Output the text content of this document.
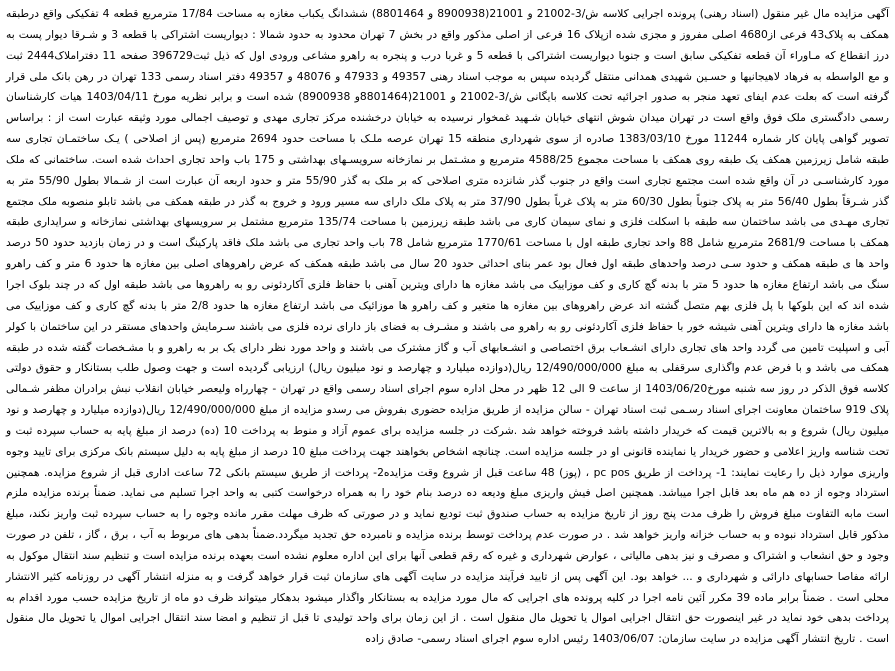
آگهی مزایده مال غیر منقول (اسناد رهنی) پرونده اجرایی کلاسه ش/3-21002 و 21001(8900938 و 8801464) ششدانگ یکباب مغازه به مساحت 17/84 مترمربع قطعه 4 تفکیکی واقع درطبقه همکف به پلاک43 فرعی از4680 اصلی مفروز و مجزی شده ازپلاک 16 فرعی از اصلی مذکور واقع در بخش 7 تهران محدود به حدود شمالا : دیواریست اشتراکی با قطعه 3 و شـرقا دیوار پست به درز انقطاع که مـاوراء آن قطعه تفکیکی سابق است و جنوبا دیواریست اشتراکی با قطعه 5 و غربا درب و پنجره به راهرو مشاعی ورودی اول که ذیل ثبت396729 صفحه 11 دفتراملاک2444 ثبت و مع الواسطه به فرهاد لاهیجانیها و حسـین شهیدی همدانی منتقل گردیده سپس به موجب اسناد رهنی 49357 و 47933 و 48076 و 49357 دفتر اسناد رسمی 133 تهران در رهن بانک ملی قرار گرفته است که بعلت عدم ایفای تعهد منجر به صدور اجرائیه تحت کلاسه بایگانی ش/3-21002 و 21001(8801464و 8900938) شده است و برابر نظریه مورخ 1403/04/11 هیات کارشناسان رسمی دادگستری ملک فوق واقع است در تهران میدان شوش انتهای خیابان شـهید غمخوار نرسیده به خیابان درخشنده مرکز تجاری مهدی و توصیف اجمالی مورد وثیقه عبارت است از : براساس تصویر گواهی پایان کار شماره 11244 مورخ 1383/03/10 صادره از سوی شهرداری منطقه 15 تهران عرصه ملـک با مساحت حدود 2694 مترمربع (پس از اصلاحی ) یـک ساختمـان تجاری سه طبقه شامل زیرزمین همکف یک طبقه روی همکف با مساحت مجموع 4588/25 مترمربع و مشـتمل بر نمازخانه سرویسـهای بهداشتی و 175 باب واحد تجاری احداث شده است. ساختمانی که ملک مورد کارشناسـی در آن واقع شده است مجتمع تجاری است واقع در جنوب گذر شانزده متری اصلاحی که بر ملک به گذر 55/90 متر و حدود اربعه آن عبارت است از شـمالا بطول 55/90 متر به گذر شـرقاً بطول 56/40 متر به پلاک جنوباً بطول 60/30 متر به پلاک غرباً بطول 37/90 متر به پلاک ملک دارای سه مسیر ورود و خروج به گذر در طبقه همکف می باشد تابلو منصوبه ملک مجتمع تجاری مهـدی می باشد ساختمان سه طبقه با اسکلت فلزی و نمای سیمان کاری می باشد طبقه زیرزمین با مساحت 135/74 مترمربع مشتمل بر سرویسهای بهداشتی نمازخانه و سرایداری طبقه همکف با مساحت 2681/9 مترمربع شامل 88 واحد تجاری طبقه اول با مساحت 1770/61 مترمربع شامل 78 باب واحد تجاری می باشد ملک فاقد پارکینگ است و در زمان بازدید حدود 50 درصد واحد ها ی طبقه همکف و حدود سـی درصد واحدهای طبقه اول فعال بود عمر بنای احداثی حدود 20 سال می باشد طبقه همکف که عرض راهروهای اصلی بین مغازه ها حدود 6 متر و کف راهرو سنگ می باشد ارتفاع مغازه ها حدود 5 متر با بدنه گچ کاری و کف موزاییک می باشد مغازه ها دارای ویترین آهنی با حفاظ فلزی آکاردئونی رو به راهروها می باشد طبقه اول که در چند بلوک اجرا شده اند که این بلوکها با پل فلزی بهم متصل گشته اند عرض راهروهای بین مغازه ها متغیر و کف راهرو ها موزائیک می باشد ارتفاع مغازه ها حدود 2/8 متر با بدنه گچ کاری و کف موزاییک می باشد مغازه ها دارای ویترین آهنی شیشه خور با حفاظ فلزی آکاردئونی رو به راهرو می باشند و مشـرف به فضای باز دارای نرده فلزی می باشند سـرمایش واحدهای مستقر در این ساختمان با کولر آبی و اسپلیت تامین می گردد واحد های تجاری دارای انشـعاب برق اختصاصی و انشـعابهای آب و گاز مشترک می باشند و واحد مورد نظر دارای یک بر به راهرو و با مشـخصات گفته شده در طبقه همکف می باشد و با فرض عدم واگذاری سرقفلی به مبلغ 12/490/000/000 ریال(دوازده میلیارد و چهارصد و نود میلیون ریال) ارزیابی گردیده است و جهت وصول طلب بستانکار و حقوق دولتی کلاسه فوق الذکر در روز سه شنبه مورخ1403/06/20 از ساعت 9 الی 12 ظهر در محل اداره سوم اجرای اسناد رسمی واقع در تهران - چهارراه ولیعصر خیابان انقلاب نبش برادران مظفر شـمالی پلاک 919 ساختمان معاونت اجرای اسناد رسـمی ثبت اسناد تهران - سالن مزایده از طریق مزایده حضوری بفروش می رسدو مزایده از مبلغ 12/490/000/000 ریال(دوازده میلیارد و چهارصد و نود میلیون ریال) شروع و به بالاترین قیمت که خریدار داشته باشد فروخته خواهد شد .شرکت در جلسه مزایده برای عموم آزاد و منوط به پرداخت 10 (ده) درصد از مبلغ پایه به حساب سپرده ثبت و تحت شناسه واریز اعلامی و حضور خریدار یا نماینده قانونی او در جلسه مزایده است. چنانچه اشخاص بخواهند جهت پرداخت مبلغ 10 درصد از مبلغ پایه به دلیل سیستم بانک مرکزی برای تایید وجوه واریزی موارد ذیل را رعایت نمایند: 1- پرداخت از طریق pc pos ، (پوز) 48 ساعت قبل از شروع وقت مزایده2- پرداخت از طریق سیستم بانکی 72 ساعت اداری قبل از شروع مزایده. همچنین استرداد وجوه از ده هم ماه بعد قابل اجرا میباشد. همچنین اصل فیش واریزی مبلغ ودیعه ده درصد بنام خود را به همراه درخواست کتبی به واحد اجرا تسلیم می نماید. ضمناً برنده مزایده ملزم است مابه التفاوت مبلغ فروش را ظرف مدت پنج روز از تاریخ مزایده به حساب صندوق ثبت تودیع نماید و در صورتی که ظرف مهلت مقرر مانده وجوه را به حساب سپرده ثبت واریز نکند، مبلغ مذکور قابل استرداد نبوده و به حساب خزانه واریز خواهد شد . در صورت عدم پرداخت توسط برنده مزایده و نامبرده حق تجدید میگردد.ضمناً بدهی های مربوط به آب ، برق ، گاز ، تلفن در صورت وجود و حق انشعاب و اشتراک و مصرف و نیز بدهی مالیاتی ، عوارض شهرداری و غیره که رقم قطعی آنها برای این اداره معلوم نشده است بعهده برنده مزایده است و تنظیم سند انتقال موکول به ارائه مفاصا حسابهای دارائی و شهرداری و ... خواهد بود. این آگهی پس از تایید فرآیند مزایده در سایت آگهی های سازمان ثبت قرار خواهد گرفت و به منزله انتشار آگهی در روزنامه کثیر الانتشار محلی است . ضمناً برابر ماده 39 مکرر آئین نامه اجرا در کلیه پرونده های اجرایی که مال مورد مزایده به بستانکار واگذار میشود بدهکار میتواند ظرف دو ماه از تاریخ مزایده حسب مورد اقدام به پرداخت بدهی خود نماید در غیر اینصورت حق انتقال اجرایی اموال یا تحویل مال منقول است . از این زمان برای واحد تولیدی تا قبل از تنظیم و امضا سند انتقال اجرایی اموال یا تحویل مال منقول است . تاریخ انتشار آگهی مزایده در سایت سازمان: 1403/06/07 رئیس اداره سوم اجرای اسناد رسمی- صادق زاده
